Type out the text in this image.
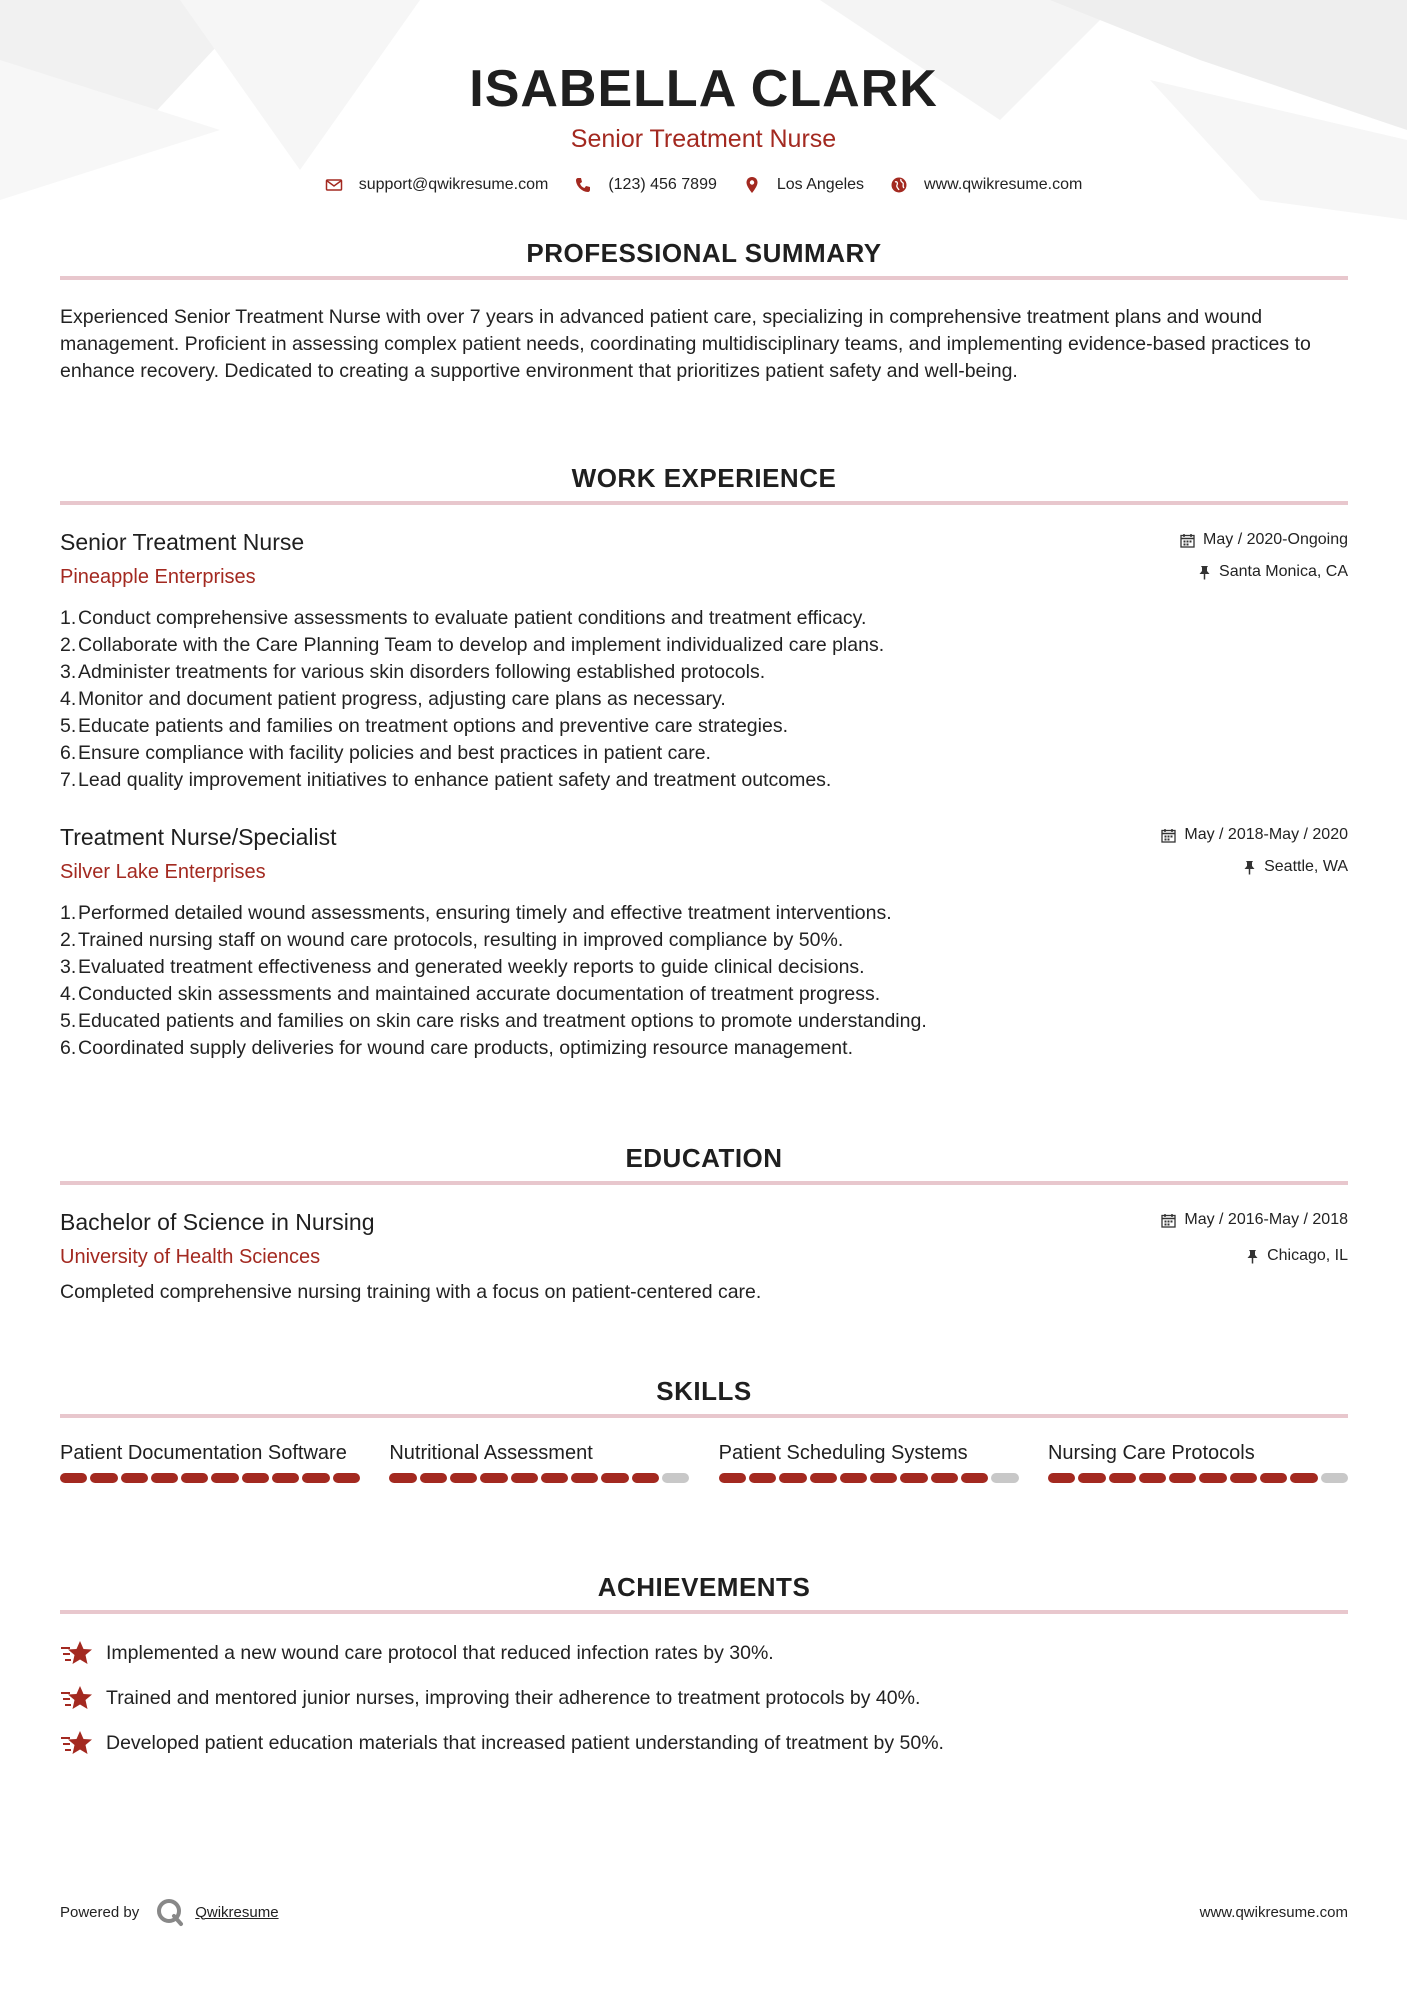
ISABELLA CLARK
Senior Treatment Nurse
support@qwikresume.com	(123) 456 7899	Los Angeles	www.qwikresume.com
PROFESSIONAL SUMMARY
Experienced Senior Treatment Nurse with over 7 years in advanced patient care, specializing in comprehensive treatment plans and wound management. Proficient in assessing complex patient needs, coordinating multidisciplinary teams, and implementing evidence-based practices to enhance recovery. Dedicated to creating a supportive environment that prioritizes patient safety and well-being.
WORK EXPERIENCE
Senior Treatment Nurse
Pineapple Enterprises
May / 2020-Ongoing
Santa Monica, CA
1. Conduct comprehensive assessments to evaluate patient conditions and treatment efficacy.
2. Collaborate with the Care Planning Team to develop and implement individualized care plans.
3. Administer treatments for various skin disorders following established protocols.
4. Monitor and document patient progress, adjusting care plans as necessary.
5. Educate patients and families on treatment options and preventive care strategies.
6. Ensure compliance with facility policies and best practices in patient care.
7. Lead quality improvement initiatives to enhance patient safety and treatment outcomes.
Treatment Nurse/Specialist
Silver Lake Enterprises
May / 2018-May / 2020
Seattle, WA
1. Performed detailed wound assessments, ensuring timely and effective treatment interventions.
2. Trained nursing staff on wound care protocols, resulting in improved compliance by 50%.
3. Evaluated treatment effectiveness and generated weekly reports to guide clinical decisions.
4. Conducted skin assessments and maintained accurate documentation of treatment progress.
5. Educated patients and families on skin care risks and treatment options to promote understanding.
6. Coordinated supply deliveries for wound care products, optimizing resource management.
EDUCATION
Bachelor of Science in Nursing
University of Health Sciences
May / 2016-May / 2018
Chicago, IL
Completed comprehensive nursing training with a focus on patient-centered care.
SKILLS
Patient Documentation Software	Nutritional Assessment	Patient Scheduling Systems	Nursing Care Protocols
ACHIEVEMENTS
Implemented a new wound care protocol that reduced infection rates by 30%.
Trained and mentored junior nurses, improving their adherence to treatment protocols by 40%.
Developed patient education materials that increased patient understanding of treatment by 50%.
Powered by	Qwikresume	www.qwikresume.com
